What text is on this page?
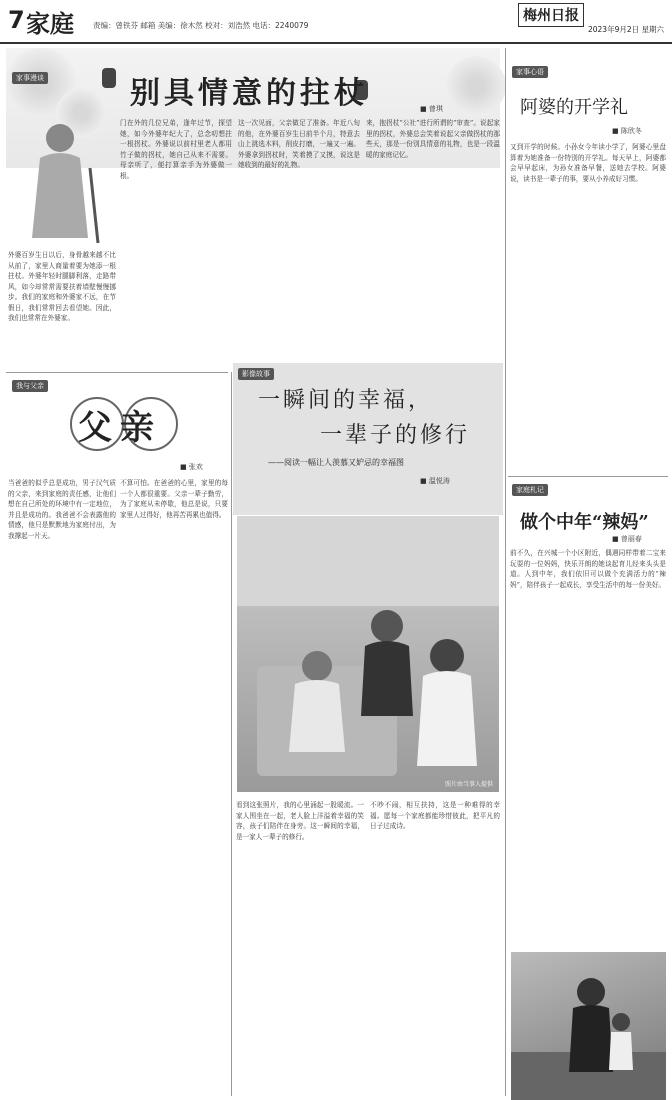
7 家庭	责编：曾铁芬 邮箱 美编：徐木然 校对：刘浩然 电话：2240079
梅州日报
2023年9月2日 星期六
家事漫谈	别具情意的拄杖	■ 曾琪
外婆百岁生日以后，身骨越来越不比从前了，家里人商量着要为她添一根拄杖。外婆年轻时腿脚利落，走路带风，如今却常常需要扶着墙壁慢慢挪步。我们的家庭和外婆家不远，在节假日，我们常常回去看望她。因此，我们也常常在外婆家。
门在外的几位兄弟，逢年过节，探望她，如今外婆年纪大了，总念叨想拄一根拐杖。外婆说以前村里老人都用竹子做的拐杖，她自己从来不需要。母亲听了，便打算亲手为外婆做一根。
这一次见面，父亲做足了准备。年近八旬的他，在外婆百岁生日前半个月，特意去山上挑选木料，削皮打磨，一遍又一遍。外婆拿到拐杖时，笑着摸了又摸，说这是她收到的最好的礼物。
来，抱拐杖“公社”进行所谓的“审查”。说起家里的拐杖，外婆总会笑着说起父亲做拐杖的那些天，那是一份别具情意的礼物，也是一段温暖的家庭记忆。
我与父亲
父亲
■ 张欢
当爸爸的似乎总是成功，男子汉气质的父亲，来到家庭的责任感，让他们想在自己所处的环境中有一定地位，并且是成功的。我爸爸不会表露他的情感，他只是默默地为家庭付出，为我撑起一片天。
不算可怕。在爸爸的心里，家里的每一个人都很重要。父亲一辈子勤劳，为了家庭从未停歇，他总是说，只要家里人过得好，他再苦再累也值得。
影像故事
一瞬间的幸福，
一辈子的修行
——阅读一幅让人羡慕又妒忌的幸福图
■ 温悦涛
照片由当事人提供
看到这张照片，我的心里涌起一股暖流。一家人围坐在一起，老人脸上洋溢着幸福的笑容，孩子们陪伴在身旁。这一瞬间的幸福，是一家人一辈子的修行。
不吵不闹，相互扶持，这是一种难得的幸福。愿每一个家庭都能珍惜彼此，把平凡的日子过成诗。
家事心语
阿婆的开学礼
■ 陈欣冬
又到开学的时候。小孙女今年读小学了，阿婆心里盘算着为她准备一份特别的开学礼。每天早上，阿婆都会早早起床，为孙女准备早餐，送她去学校。阿婆说，读书是一辈子的事，要从小养成好习惯。
家庭札记
做个中年“辣妈”
■ 曾丽春
前不久，在兴城一个小区附近，偶遇同样带着二宝来玩耍的一位妈妈，快乐开朗的她谈起育儿经来头头是道。人到中年，我们依旧可以做个充满活力的“辣妈”，陪伴孩子一起成长，享受生活中的每一份美好。
